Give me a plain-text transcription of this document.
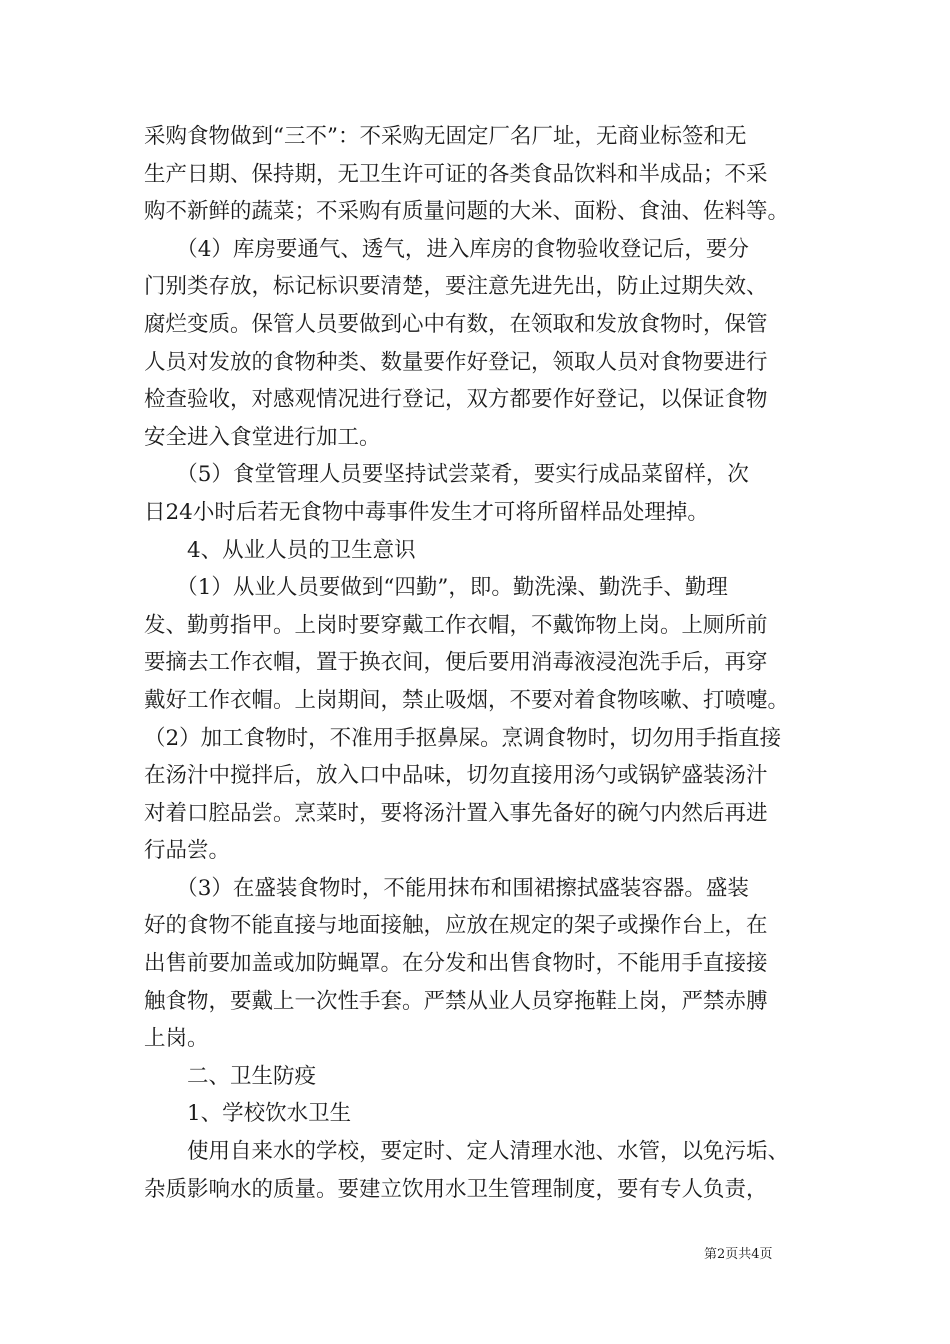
采购食物做到“三不”：不采购无固定厂名厂址，无商业标签和无
生产日期、保持期，无卫生许可证的各类食品饮料和半成品；不采
购不新鲜的蔬菜；不采购有质量问题的大米、面粉、食油、佐料等。
　　（4）库房要通气、透气，进入库房的食物验收登记后，要分
门别类存放，标记标识要清楚，要注意先进先出，防止过期失效、
腐烂变质。保管人员要做到心中有数，在领取和发放食物时，保管
人员对发放的食物种类、数量要作好登记，领取人员对食物要进行
检查验收，对感观情况进行登记，双方都要作好登记，以保证食物
安全进入食堂进行加工。
　　（5）食堂管理人员要坚持试尝菜肴，要实行成品菜留样，次
日24小时后若无食物中毒事件发生才可将所留样品处理掉。
　　4、从业人员的卫生意识
　　（1）从业人员要做到“四勤”，即。勤洗澡、勤洗手、勤理
发、勤剪指甲。上岗时要穿戴工作衣帽，不戴饰物上岗。上厕所前
要摘去工作衣帽，置于换衣间，便后要用消毒液浸泡洗手后，再穿
戴好工作衣帽。上岗期间，禁止吸烟，不要对着食物咳嗽、打喷嚏。
（2）加工食物时，不准用手抠鼻屎。烹调食物时，切勿用手指直接
在汤汁中搅拌后，放入口中品味，切勿直接用汤勺或锅铲盛装汤汁
对着口腔品尝。烹菜时，要将汤汁置入事先备好的碗勺内然后再进
行品尝。
　　（3）在盛装食物时，不能用抹布和围裙擦拭盛装容器。盛装
好的食物不能直接与地面接触，应放在规定的架子或操作台上，在
出售前要加盖或加防蝇罩。在分发和出售食物时，不能用手直接接
触食物，要戴上一次性手套。严禁从业人员穿拖鞋上岗，严禁赤膊
上岗。
　　二、卫生防疫
　　1、学校饮水卫生
　　使用自来水的学校，要定时、定人清理水池、水管，以免污垢、
杂质影响水的质量。要建立饮用水卫生管理制度，要有专人负责，
第2页共4页
